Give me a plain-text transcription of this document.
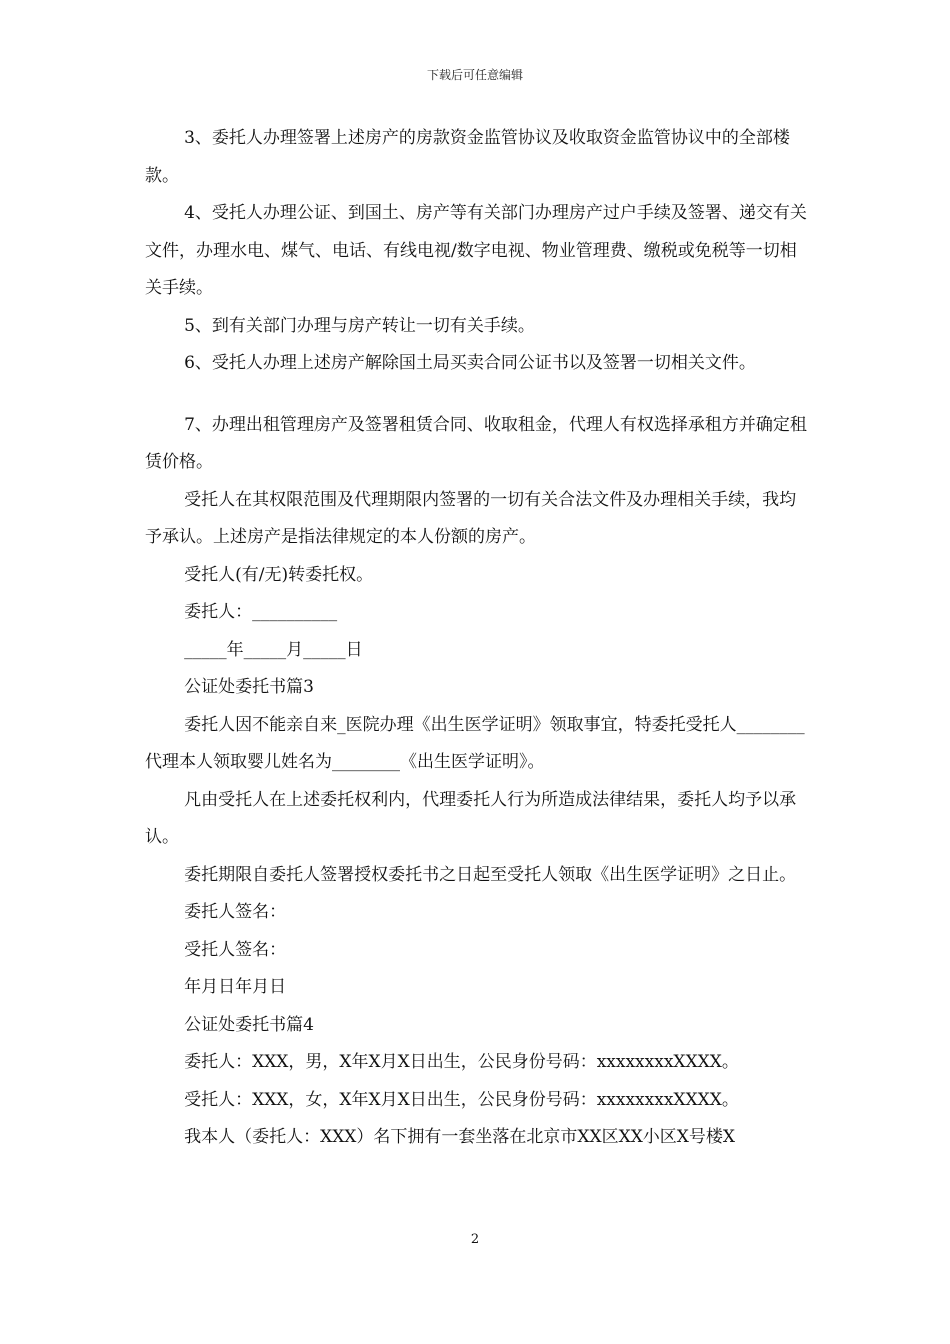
下载后可任意编辑

3、委托人办理签署上述房产的房款资金监管协议及收取资金监管协议中的全部楼款。

4、受托人办理公证、到国土、房产等有关部门办理房产过户手续及签署、递交有关文件，办理水电、煤气、电话、有线电视/数字电视、物业管理费、缴税或免税等一切相关手续。

5、到有关部门办理与房产转让一切有关手续。

6、受托人办理上述房产解除国土局买卖合同公证书以及签署一切相关文件。

7、办理出租管理房产及签署租赁合同、收取租金，代理人有权选择承租方并确定租赁价格。

受托人在其权限范围及代理期限内签署的一切有关合法文件及办理相关手续，我均予承认。上述房产是指法律规定的本人份额的房产。

受托人(有/无)转委托权。

委托人：__________

_____年_____月_____日

公证处委托书篇3

委托人因不能亲自来_医院办理《出生医学证明》领取事宜，特委托受托人________代理本人领取婴儿姓名为________《出生医学证明》。

凡由受托人在上述委托权利内，代理委托人行为所造成法律结果，委托人均予以承认。

委托期限自委托人签署授权委托书之日起至受托人领取《出生医学证明》之日止。

委托人签名：

受托人签名：

年月日年月日

公证处委托书篇4

委托人：XXX，男，X年X月X日出生，公民身份号码：xxxxxxxxXXXX。

受托人：XXX，女，X年X月X日出生，公民身份号码：xxxxxxxxXXXX。

我本人（委托人：XXX）名下拥有一套坐落在北京市XX区XX小区X号楼X

2
